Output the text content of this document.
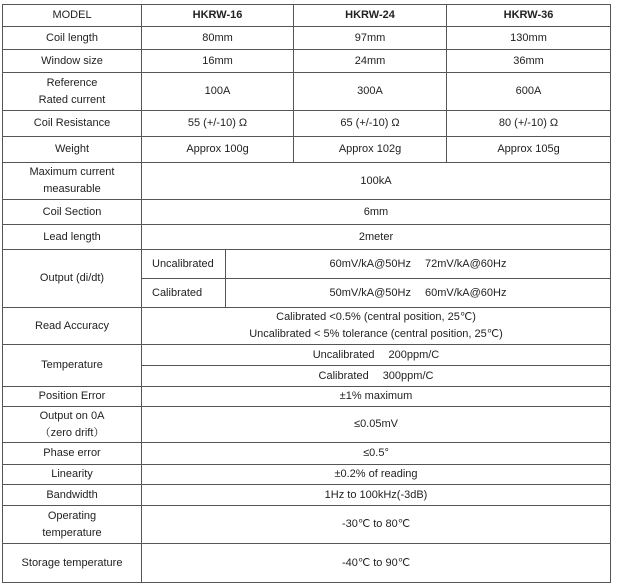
MODEL	HKRW-16		HKRW-24	HKRW-36
Coil length	80mm		97mm	130mm
Window size	16mm		24mm	36mm

Reference
Rated current	100A		300A	600A
Coil Resistance	55 (+/-10) Ω		65 (+/-10) Ω	80 (+/-10) Ω
Weight	Approx 100g		Approx 102g	Approx 105g

Maximum current
measurable	100kA			
Coil Section	6mm			
Lead length	2meter			
Output (di/dt)	Uncalibrated	60mV/kA@50Hz 72mV/kA@60Hz		
	Calibrated	50mV/kA@50Hz 60mV/kA@60Hz		
Read Accuracy	Calibrated <0.5% (central position, 25℃)
Uncalibrated < 5% tolerance (central position, 25℃)			

Temperature	Uncalibrated 200ppm/C			
	Calibrated 300ppm/C			
Position Error	±1% maximum			

Output on 0A
（zero drift）	≤0.05mV			
Phase error	≤0.5°			
Linearity	±0.2% of reading			
Bandwidth	1Hz to 100kHz(-3dB)			

Operating
temperature	-30℃ to 80℃			
Storage temperature	-40℃ to 90℃			
